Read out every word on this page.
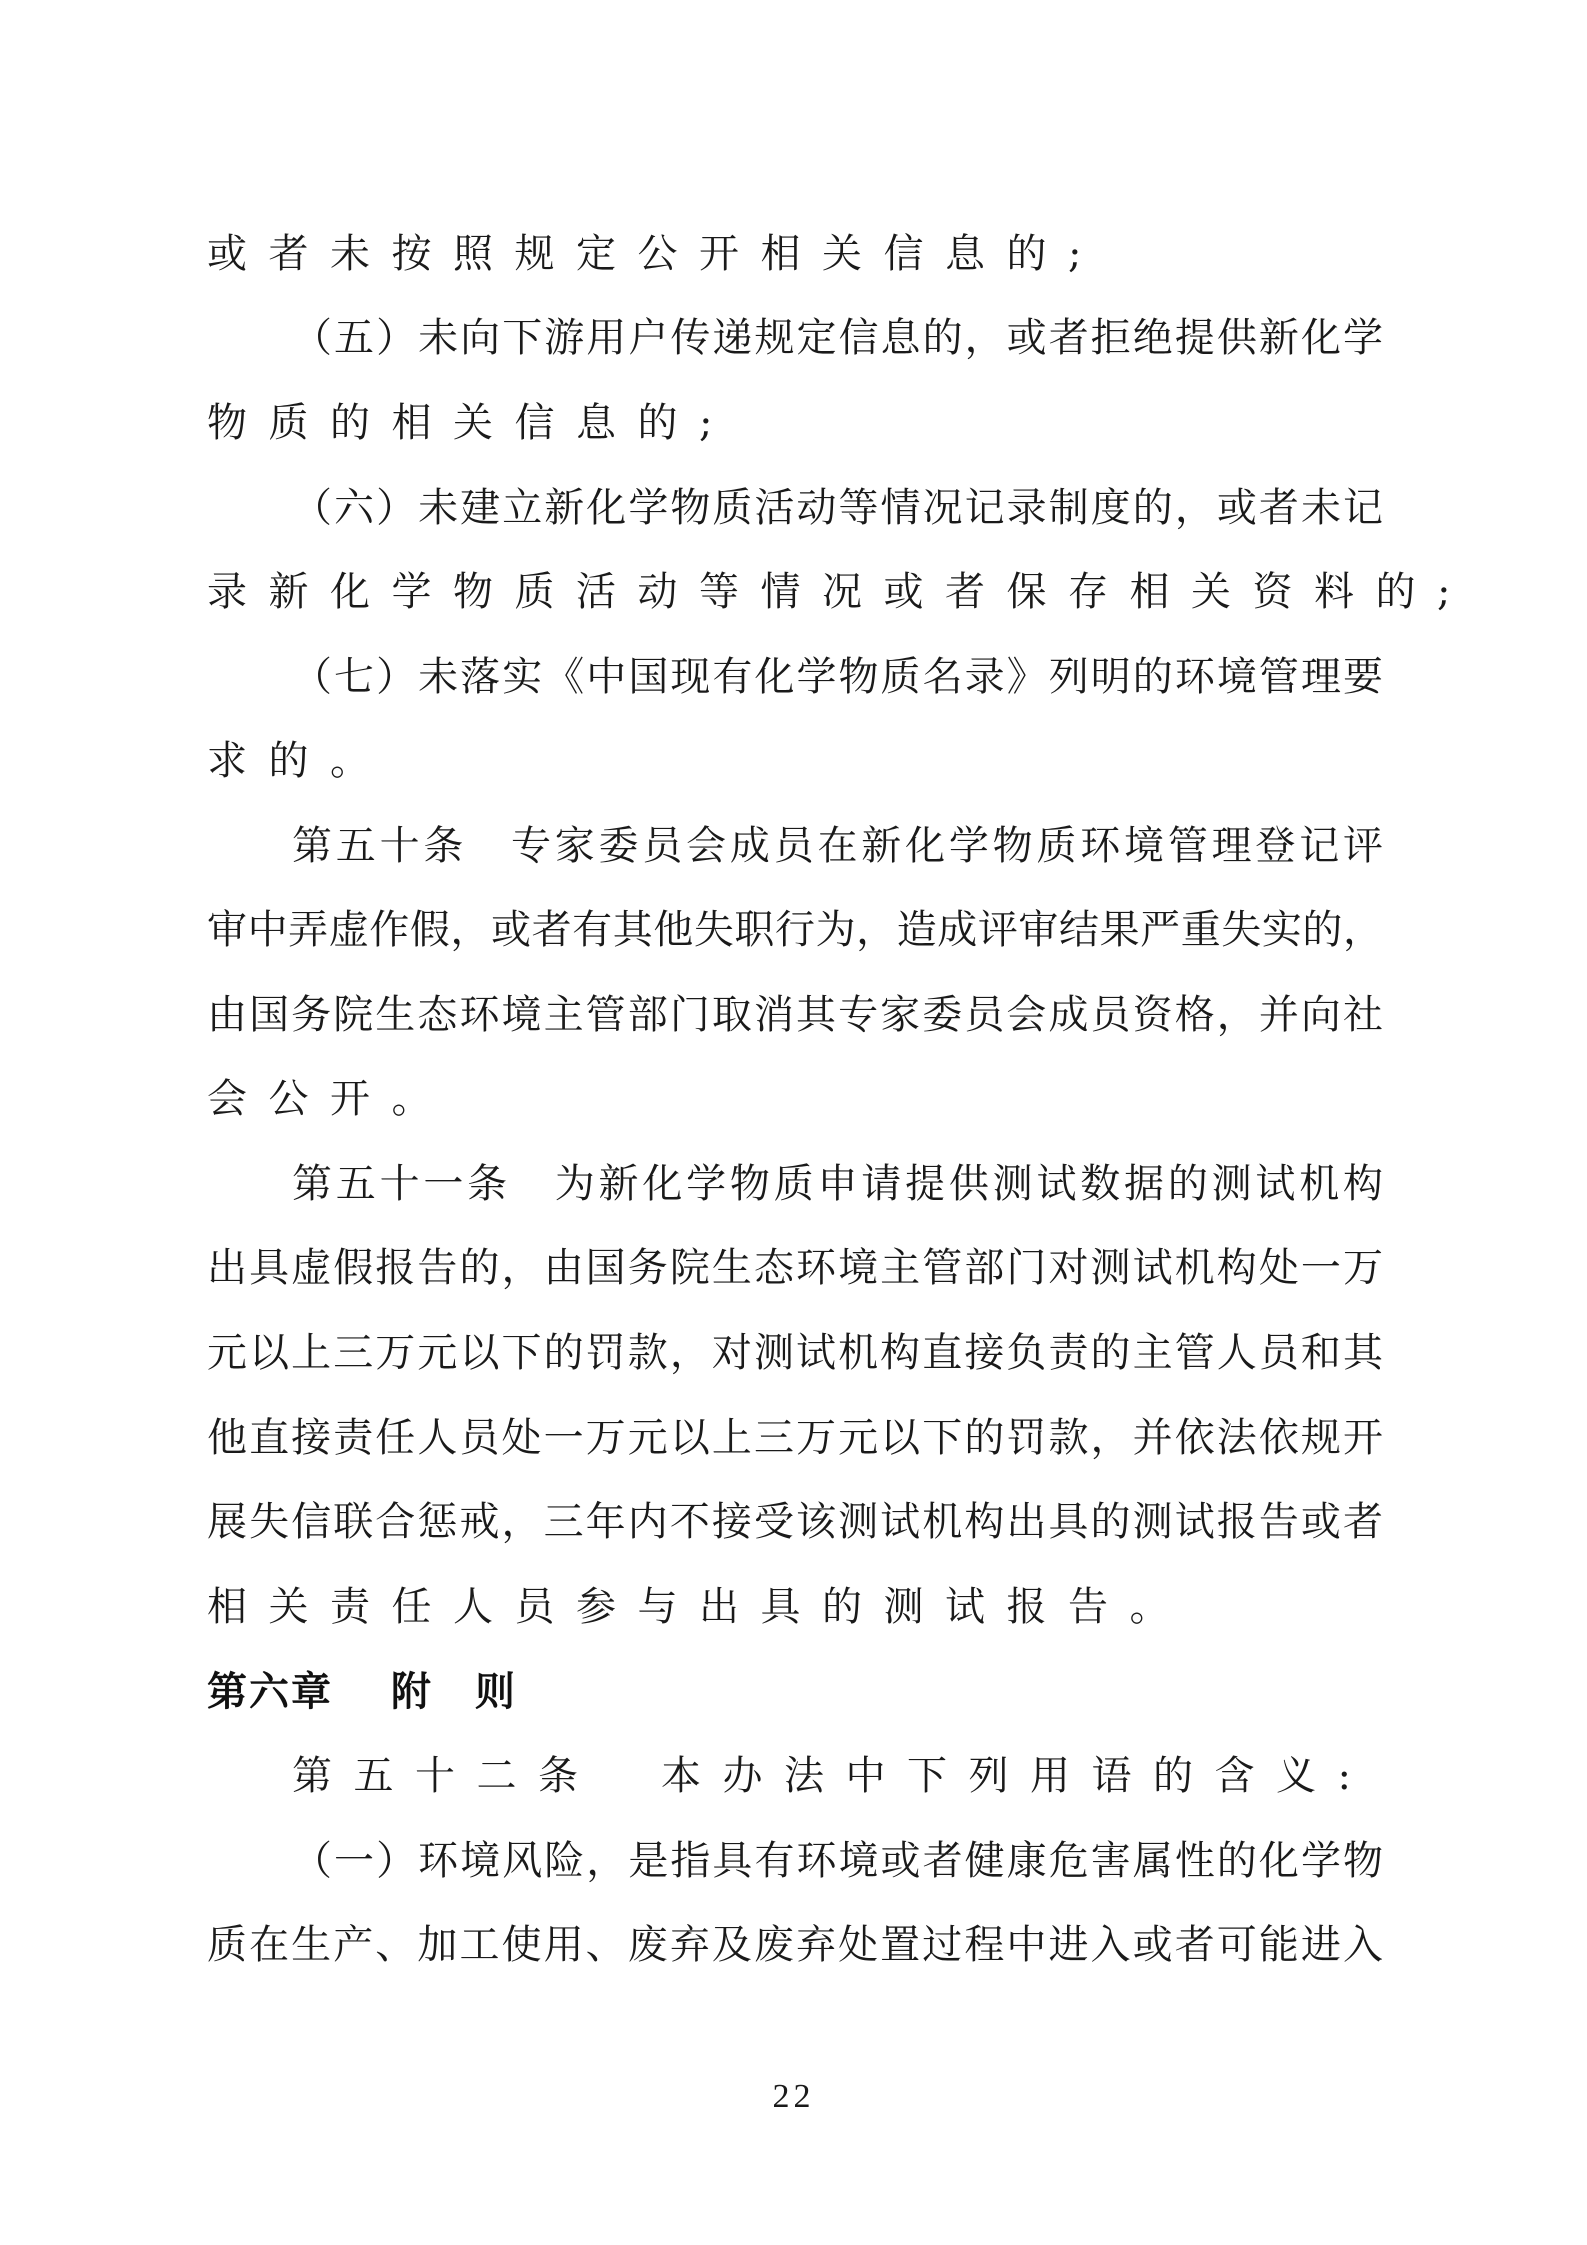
或者未按照规定公开相关信息的;
（五）未向下游用户传递规定信息的，或者拒绝提供新化学
物质的相关信息的;
（六）未建立新化学物质活动等情况记录制度的，或者未记
录新化学物质活动等情况或者保存相关资料的;
（七）未落实《中国现有化学物质名录》列明的环境管理要
求的。
第五十条　专家委员会成员在新化学物质环境管理登记评
审中弄虚作假，或者有其他失职行为，造成评审结果严重失实的，
由国务院生态环境主管部门取消其专家委员会成员资格，并向社
会公开。
第五十一条　为新化学物质申请提供测试数据的测试机构
出具虚假报告的，由国务院生态环境主管部门对测试机构处一万
元以上三万元以下的罚款，对测试机构直接负责的主管人员和其
他直接责任人员处一万元以上三万元以下的罚款，并依法依规开
展失信联合惩戒，三年内不接受该测试机构出具的测试报告或者
相关责任人员参与出具的测试报告。
第六章　 附　则
第五十二条　本办法中下列用语的含义:
（一）环境风险，是指具有环境或者健康危害属性的化学物
质在生产、加工使用、废弃及废弃处置过程中进入或者可能进入
22
